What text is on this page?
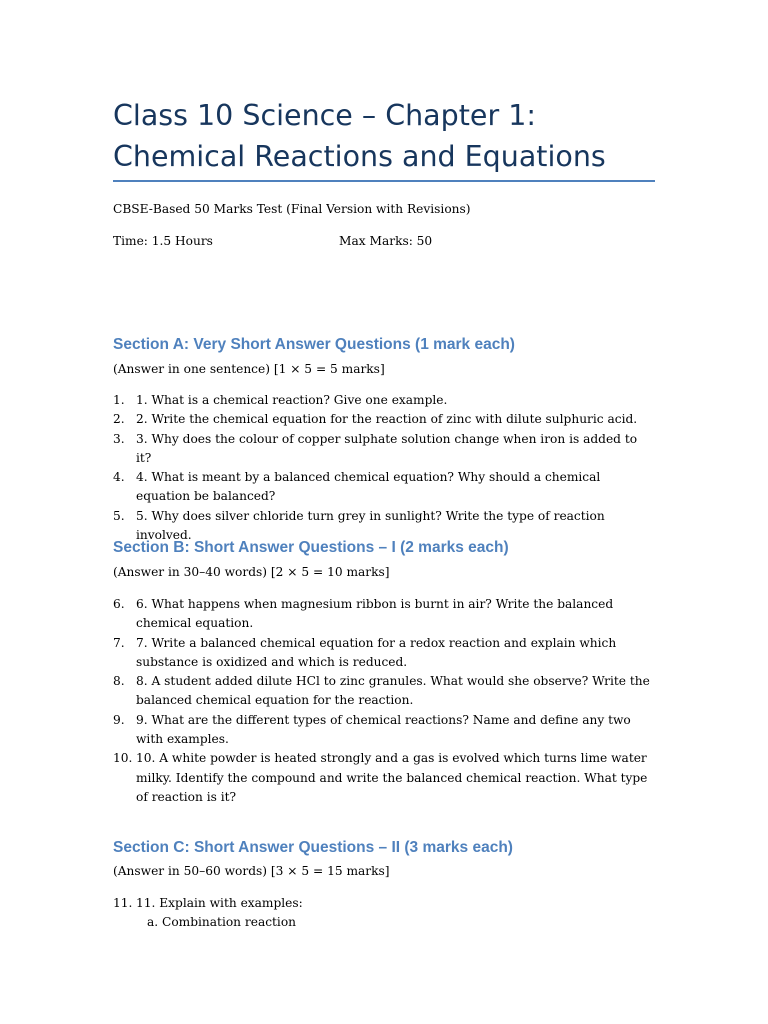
Class 10 Science – Chapter 1: Chemical Reactions and Equations
CBSE-Based 50 Marks Test (Final Version with Revisions)
Time: 1.5 Hours	Max Marks: 50
Section A: Very Short Answer Questions (1 mark each)
(Answer in one sentence) [1 × 5 = 5 marks]
1. 1. What is a chemical reaction? Give one example.
2. 2. Write the chemical equation for the reaction of zinc with dilute sulphuric acid.
3. 3. Why does the colour of copper sulphate solution change when iron is added to it?
4. 4. What is meant by a balanced chemical equation? Why should a chemical equation be balanced?
5. 5. Why does silver chloride turn grey in sunlight? Write the type of reaction involved.
Section B: Short Answer Questions – I (2 marks each)
(Answer in 30–40 words) [2 × 5 = 10 marks]
6. 6. What happens when magnesium ribbon is burnt in air? Write the balanced chemical equation.
7. 7. Write a balanced chemical equation for a redox reaction and explain which substance is oxidized and which is reduced.
8. 8. A student added dilute HCl to zinc granules. What would she observe? Write the balanced chemical equation for the reaction.
9. 9. What are the different types of chemical reactions? Name and define any two with examples.
10. 10. A white powder is heated strongly and a gas is evolved which turns lime water milky. Identify the compound and write the balanced chemical reaction. What type of reaction is it?
Section C: Short Answer Questions – II (3 marks each)
(Answer in 50–60 words) [3 × 5 = 15 marks]
11. 11. Explain with examples:
a. Combination reaction
